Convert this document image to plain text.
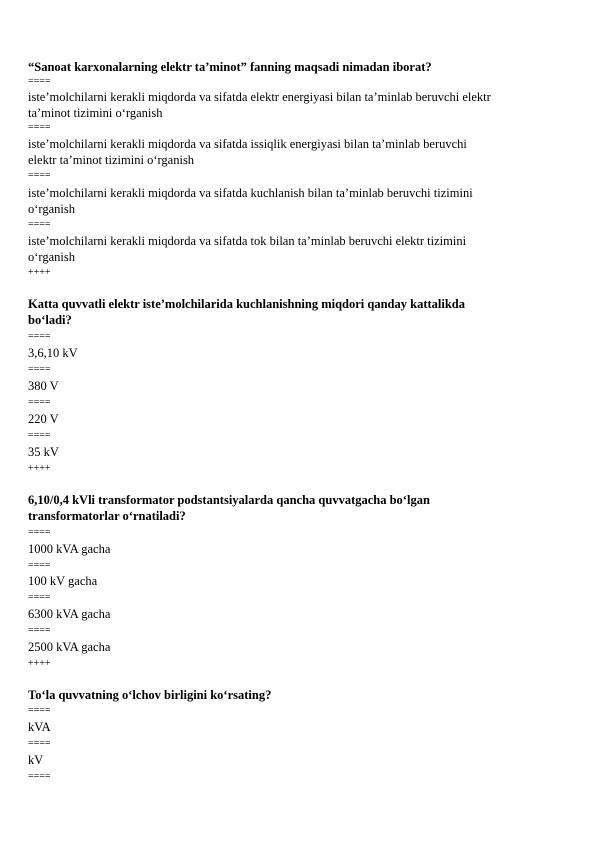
“Sanoat karxonalarning elektr ta’minot” fanning maqsadi nimadan iborat?
====
iste’molchilarni kerakli miqdorda va sifatda elektr energiyasi bilan ta’minlab beruvchi elektr
ta’minot tizimini o‘rganish
====
iste’molchilarni kerakli miqdorda va sifatda issiqlik energiyasi bilan ta’minlab beruvchi
elektr ta’minot tizimini o‘rganish
====
iste’molchilarni kerakli miqdorda va sifatda kuchlanish bilan ta’minlab beruvchi tizimini
o‘rganish
====
iste’molchilarni kerakli miqdorda va sifatda tok bilan ta’minlab beruvchi elektr tizimini
o‘rganish
++++
Katta quvvatli elektr iste’molchilarida kuchlanishning miqdori qanday kattalikda
bo‘ladi?
====
3,6,10 kV
====
380 V
====
220 V
====
35 kV
++++
6,10/0,4 kVli transformator podstantsiyalarda qancha quvvatgacha bo‘lgan
transformatorlar o‘rnatiladi?
====
1000 kVA gacha
====
100 kV gacha
====
6300 kVA gacha
====
2500 kVA gacha
++++
To‘la quvvatning o‘lchov birligini ko‘rsating?
====
kVA
====
kV
====
